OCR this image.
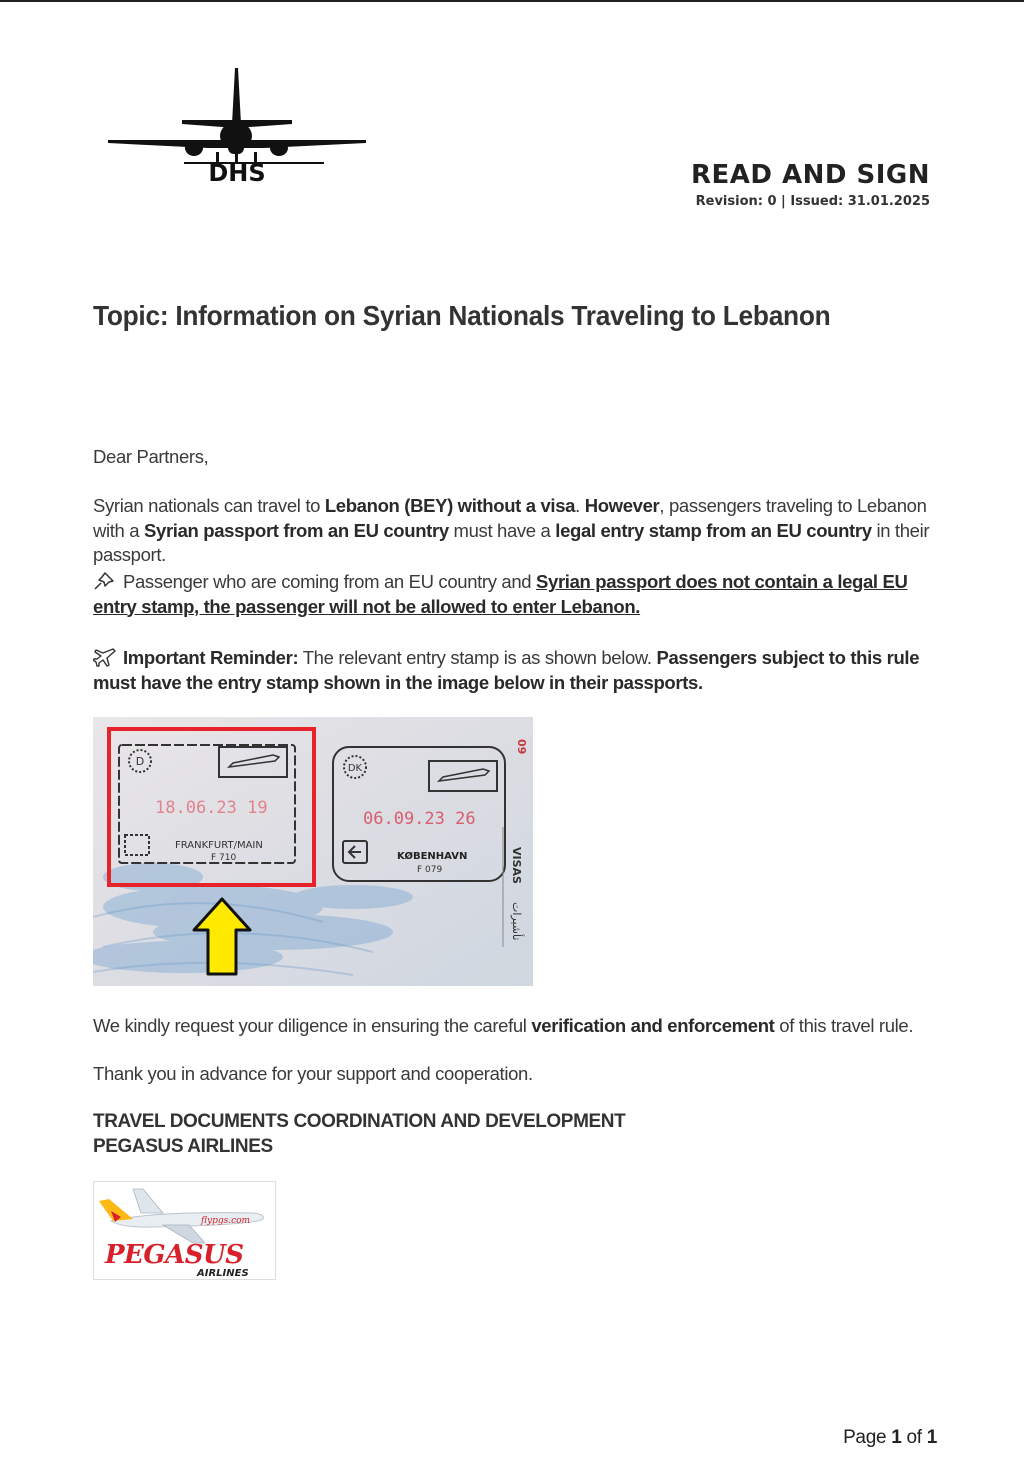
DHS	READ AND SIGN
Revision: 0 | Issued: 31.01.2025
Topic: Information on Syrian Nationals Traveling to Lebanon
Dear Partners,
Syrian nationals can travel to Lebanon (BEY) without a visa. However, passengers traveling to Lebanon with a Syrian passport from an EU country must have a legal entry stamp from an EU country in their passport.
Passenger who are coming from an EU country and Syrian passport does not contain a legal EU entry stamp, the passenger will not be allowed to enter Lebanon.
Important Reminder: The relevant entry stamp is as shown below. Passengers subject to this rule must have the entry stamp shown in the image below in their passports.
D
18.06.23 19
FRANKFURT/MAIN
F 710
DK
06.09.23 26
KØBENHAVN
F 079
09
VISAS
تأشيرات
We kindly request your diligence in ensuring the careful verification and enforcement of this travel rule.
Thank you in advance for your support and cooperation.
TRAVEL DOCUMENTS COORDINATION AND DEVELOPMENT
PEGASUS AIRLINES
flypgs.com
PEGASUS
AIRLINES
Page 1 of 1
